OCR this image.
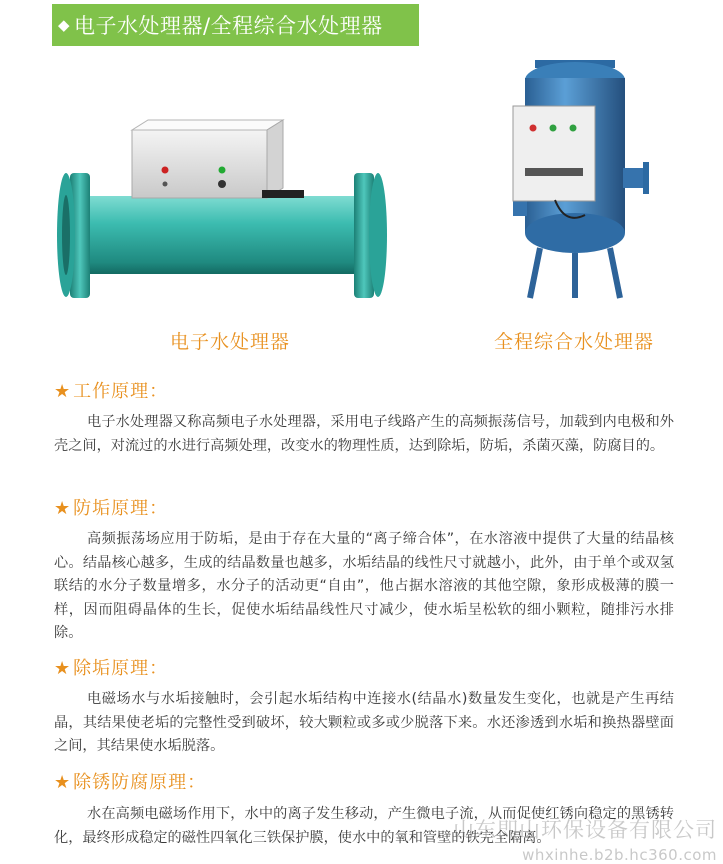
◆ 电子水处理器/全程综合水处理器
电子水处理器	全程综合水处理器
★ 工作原理：
电子水处理器又称高频电子水处理器，采用电子线路产生的高频振荡信号，加载到内电极和外壳之间，对流过的水进行高频处理，改变水的物理性质，达到除垢，防垢，杀菌灭藻，防腐目的。
★ 防垢原理：
高频振荡场应用于防垢，是由于存在大量的“离子缔合体”，在水溶液中提供了大量的结晶核心。结晶核心越多，生成的结晶数量也越多，水垢结晶的线性尺寸就越小，此外，由于单个或双氢联结的水分子数量增多，水分子的活动更“自由”，他占据水溶液的其他空隙，象形成极薄的膜一样，因而阻碍晶体的生长，促使水垢结晶线性尺寸减少，使水垢呈松软的细小颗粒，随排污水排除。
★ 除垢原理：
电磁场水与水垢接触时，会引起水垢结构中连接水(结晶水)数量发生变化，也就是产生再结晶，其结果使老垢的完整性受到破坏，较大颗粒或多或少脱落下来。水还渗透到水垢和换热器壁面之间，其结果使水垢脱落。
★ 除锈防腐原理：
水在高频电磁场作用下，水中的离子发生移动，产生微电子流，从而促使红锈向稳定的黑锈转化，最终形成稳定的磁性四氧化三铁保护膜，使水中的氧和管壁的铁完全隔离。
山东即山环保设备有限公司
whxinhe.b2b.hc360.com
